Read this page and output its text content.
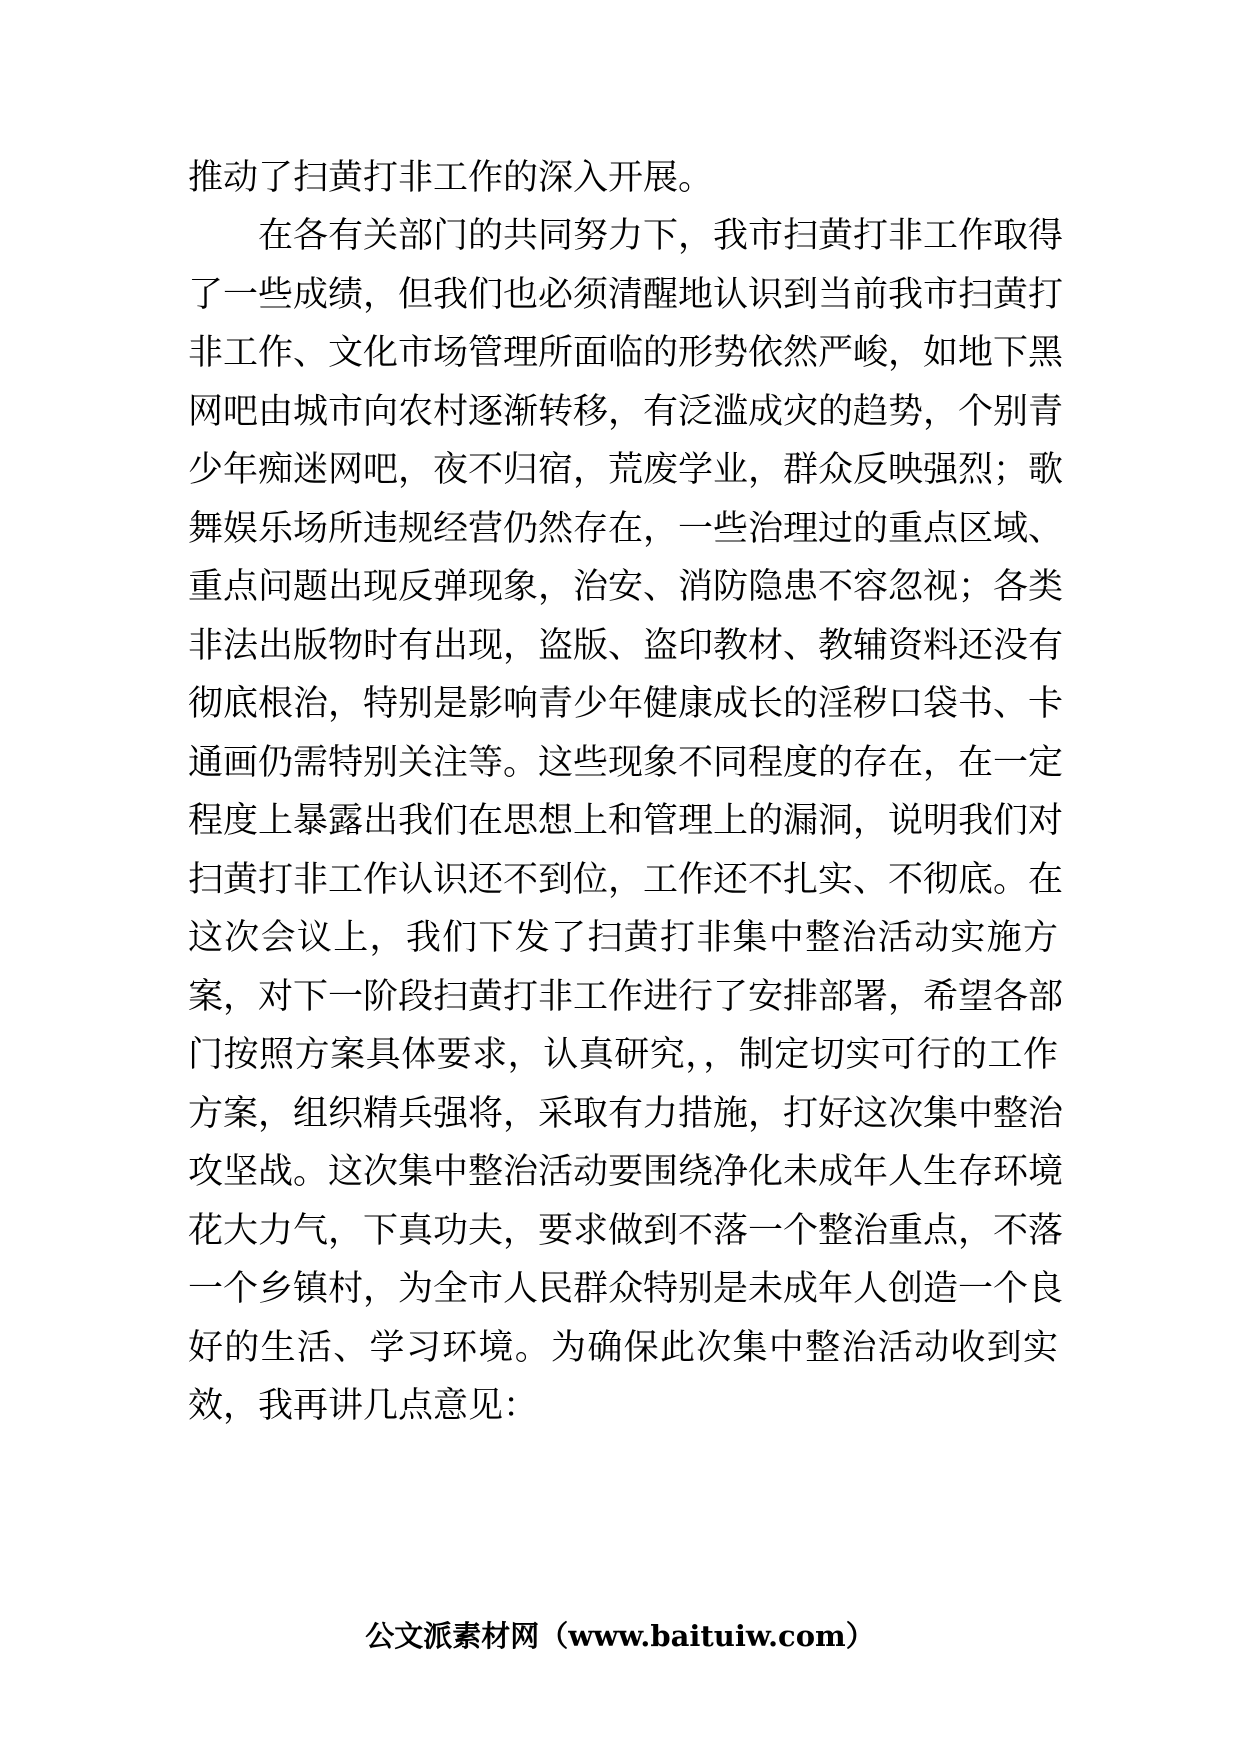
推动了扫黄打非工作的深入开展。
在各有关部门的共同努力下，我市扫黄打非工作取得
了一些成绩，但我们也必须清醒地认识到当前我市扫黄打
非工作、文化市场管理所面临的形势依然严峻，如地下黑
网吧由城市向农村逐渐转移，有泛滥成灾的趋势，个别青
少年痴迷网吧，夜不归宿，荒废学业，群众反映强烈；歌
舞娱乐场所违规经营仍然存在，一些治理过的重点区域、
重点问题出现反弹现象，治安、消防隐患不容忽视；各类
非法出版物时有出现，盗版、盗印教材、教辅资料还没有
彻底根治，特别是影响青少年健康成长的淫秽口袋书、卡
通画仍需特别关注等。这些现象不同程度的存在，在一定
程度上暴露出我们在思想上和管理上的漏洞，说明我们对
扫黄打非工作认识还不到位，工作还不扎实、不彻底。在
这次会议上，我们下发了扫黄打非集中整治活动实施方
案，对下一阶段扫黄打非工作进行了安排部署，希望各部
门按照方案具体要求，认真研究，，制定切实可行的工作
方案，组织精兵强将，采取有力措施，打好这次集中整治
攻坚战。这次集中整治活动要围绕净化未成年人生存环境
花大力气，下真功夫，要求做到不落一个整治重点，不落
一个乡镇村，为全市人民群众特别是未成年人创造一个良
好的生活、学习环境。为确保此次集中整治活动收到实
效，我再讲几点意见：
公文派素材网（www.baituiw.com）
